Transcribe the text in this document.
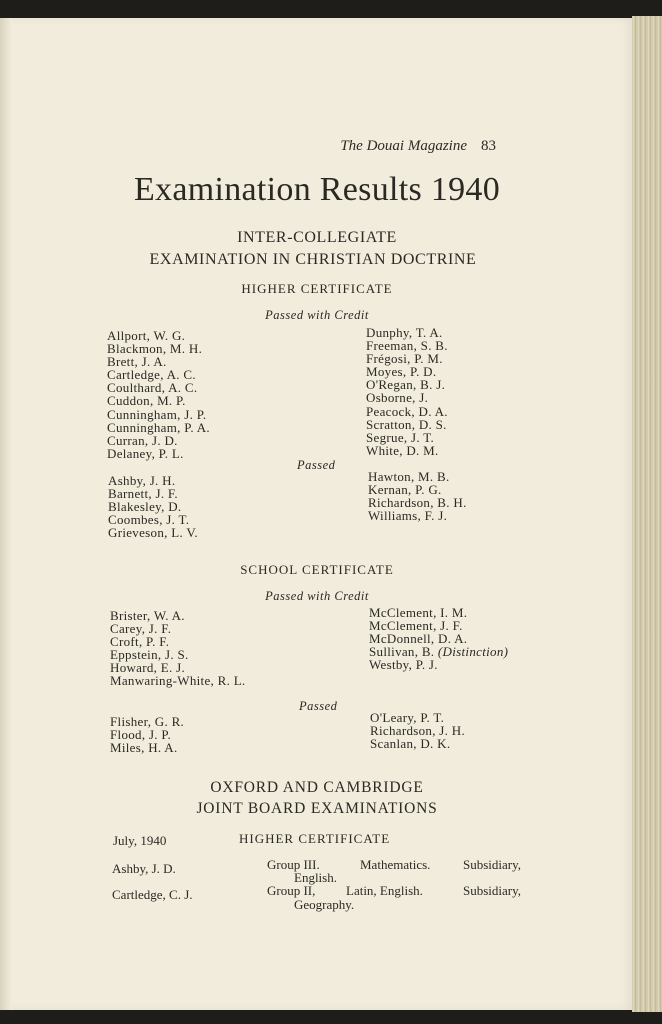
The Douai Magazine 83
Examination Results 1940
INTER-COLLEGIATE
EXAMINATION IN CHRISTIAN DOCTRINE
HIGHER CERTIFICATE
Passed with Credit
Allport, W. G.
Blackmon, M. H.
Brett, J. A.
Cartledge, A. C.
Coulthard, A. C.
Cuddon, M. P.
Cunningham, J. P.
Cunningham, P. A.
Curran, J. D.
Delaney, P. L.
Dunphy, T. A.
Freeman, S. B.
Frégosi, P. M.
Moyes, P. D.
O'Regan, B. J.
Osborne, J.
Peacock, D. A.
Scratton, D. S.
Segrue, J. T.
White, D. M.
Passed
Ashby, J. H.
Barnett, J. F.
Blakesley, D.
Coombes, J. T.
Grieveson, L. V.
Hawton, M. B.
Kernan, P. G.
Richardson, B. H.
Williams, F. J.
SCHOOL CERTIFICATE
Passed with Credit
Brister, W. A.
Carey, J. F.
Croft, P. F.
Eppstein, J. S.
Howard, E. J.
Manwaring-White, R. L.
McClement, I. M.
McClement, J. F.
McDonnell, D. A.
Sullivan, B. (Distinction)
Westby, P. J.
Passed
Flisher, G. R.
Flood, J. P.
Miles, H. A.
O'Leary, P. T.
Richardson, J. H.
Scanlan, D. K.
OXFORD AND CAMBRIDGE
JOINT BOARD EXAMINATIONS
July, 1940	HIGHER CERTIFICATE
Ashby, J. D.	Group III.	Mathematics.	Subsidiary,
English.
Cartledge, C. J.	Group II, Latin, English.	Subsidiary,
Geography.
